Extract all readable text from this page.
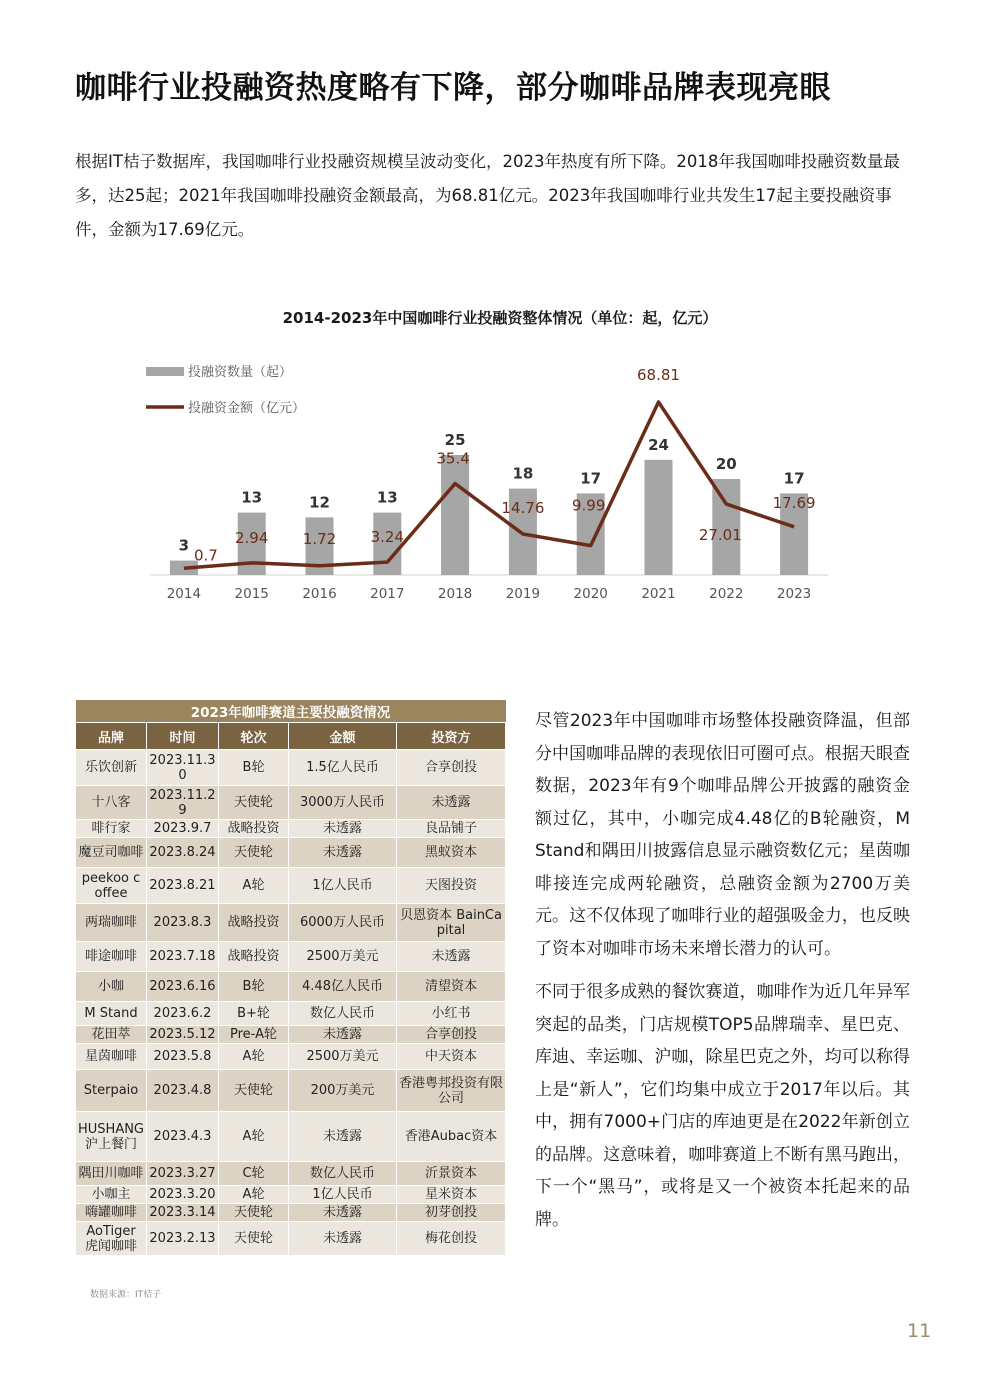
咖啡行业投融资热度略有下降，部分咖啡品牌表现亮眼

根据IT桔子数据库，我国咖啡行业投融资规模呈波动变化，2023年热度有所下降。2018年我国咖啡投融资数量最多，达25起；2021年我国咖啡投融资金额最高，为68.81亿元。2023年我国咖啡行业共发生17起主要投融资事件，金额为17.69亿元。

2014-2023年中国咖啡行业投融资整体情况（单位：起，亿元）
3
2014
13
2015
12
2016
13
2017
25
2018
18
2019
17
2020
24
2021
20
2022
17
2023
0.7
2.94 1.72 3.24
35.4
14.76 9.99
68.81
27.01
17.69
投融资数量（起）
投融资金额（亿元）
2023年咖啡赛道主要投融资情况				
品牌	时间	轮次	金额	投资方
乐饮创新	2023.11.30	B轮	1.5亿人民币	合享创投
十八客	2023.11.29	天使轮	3000万人民币	未透露
啡行家	2023.9.7	战略投资	未透露	良品铺子
魔豆司咖啡	2023.8.24	天使轮	未透露	黑蚁资本
peekoo coffee	2023.8.21	A轮	1亿人民币	天图投资
两瑞咖啡	2023.8.3	战略投资	6000万人民币	贝恩资本 BainCapital
啡途咖啡	2023.7.18	战略投资	2500万美元	未透露
小咖	2023.6.16	B轮	4.48亿人民币	清望资本
M Stand	2023.6.2	B+轮	数亿人民币	小红书
花田萃	2023.5.12	Pre-A轮	未透露	合享创投
星茵咖啡	2023.5.8	A轮	2500万美元	中天资本
Sterpaio	2023.4.8	天使轮	200万美元	香港粤邦投资有限公司
HUSHANG 沪上餐门	2023.4.3	A轮	未透露	香港Aubac资本
隅田川咖啡	2023.3.27	C轮	数亿人民币	沂景资本
小咖主	2023.3.20	A轮	1亿人民币	星米资本
嗨罐咖啡	2023.3.14	天使轮	未透露	初芽创投
AoTiger 虎闻咖啡	2023.2.13	天使轮	未透露	梅花创投
数据来源：IT桔子

尽管2023年中国咖啡市场整体投融资降温，但部分中国咖啡品牌的表现依旧可圈可点。根据天眼查数据，2023年有9个咖啡品牌公开披露的融资金额过亿，其中，小咖完成4.48亿的B轮融资，M Stand和隅田川披露信息显示融资数亿元；星茵咖啡接连完成两轮融资，总融资金额为2700万美元。这不仅体现了咖啡行业的超强吸金力，也反映了资本对咖啡市场未来增长潜力的认可。

不同于很多成熟的餐饮赛道，咖啡作为近几年异军突起的品类，门店规模TOP5品牌瑞幸、星巴克、库迪、幸运咖、沪咖，除星巴克之外，均可以称得上是“新人”，它们均集中成立于2017年以后。其中，拥有7000+门店的库迪更是在2022年新创立的品牌。这意味着，咖啡赛道上不断有黑马跑出，下一个“黑马”，或将是又一个被资本托起来的品牌。

11
